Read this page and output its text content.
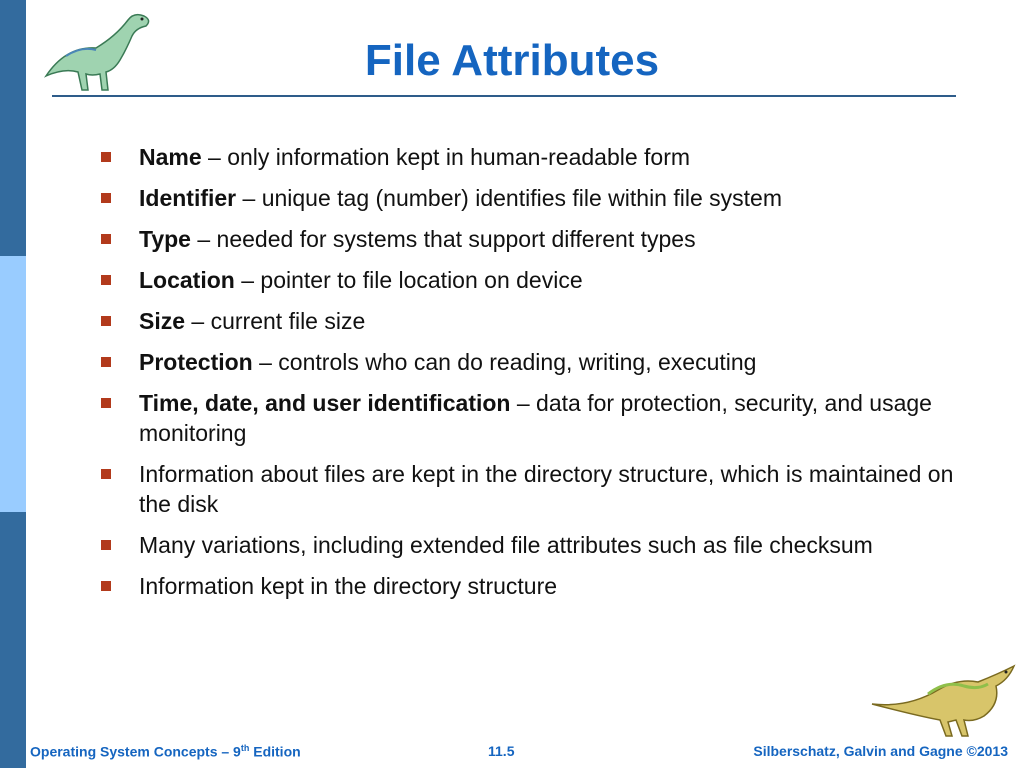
File Attributes
Name – only information kept in human-readable form
Identifier – unique tag (number) identifies file within file system
Type – needed for systems that support different types
Location – pointer to file location on device
Size – current file size
Protection – controls who can do reading, writing, executing
Time, date, and user identification – data for protection, security, and usage monitoring
Information about files are kept in the directory structure, which is maintained on the disk
Many variations, including extended file attributes such as file checksum
Information kept in the directory structure
Operating System Concepts – 9th Edition	11.5	Silberschatz, Galvin and Gagne ©2013
